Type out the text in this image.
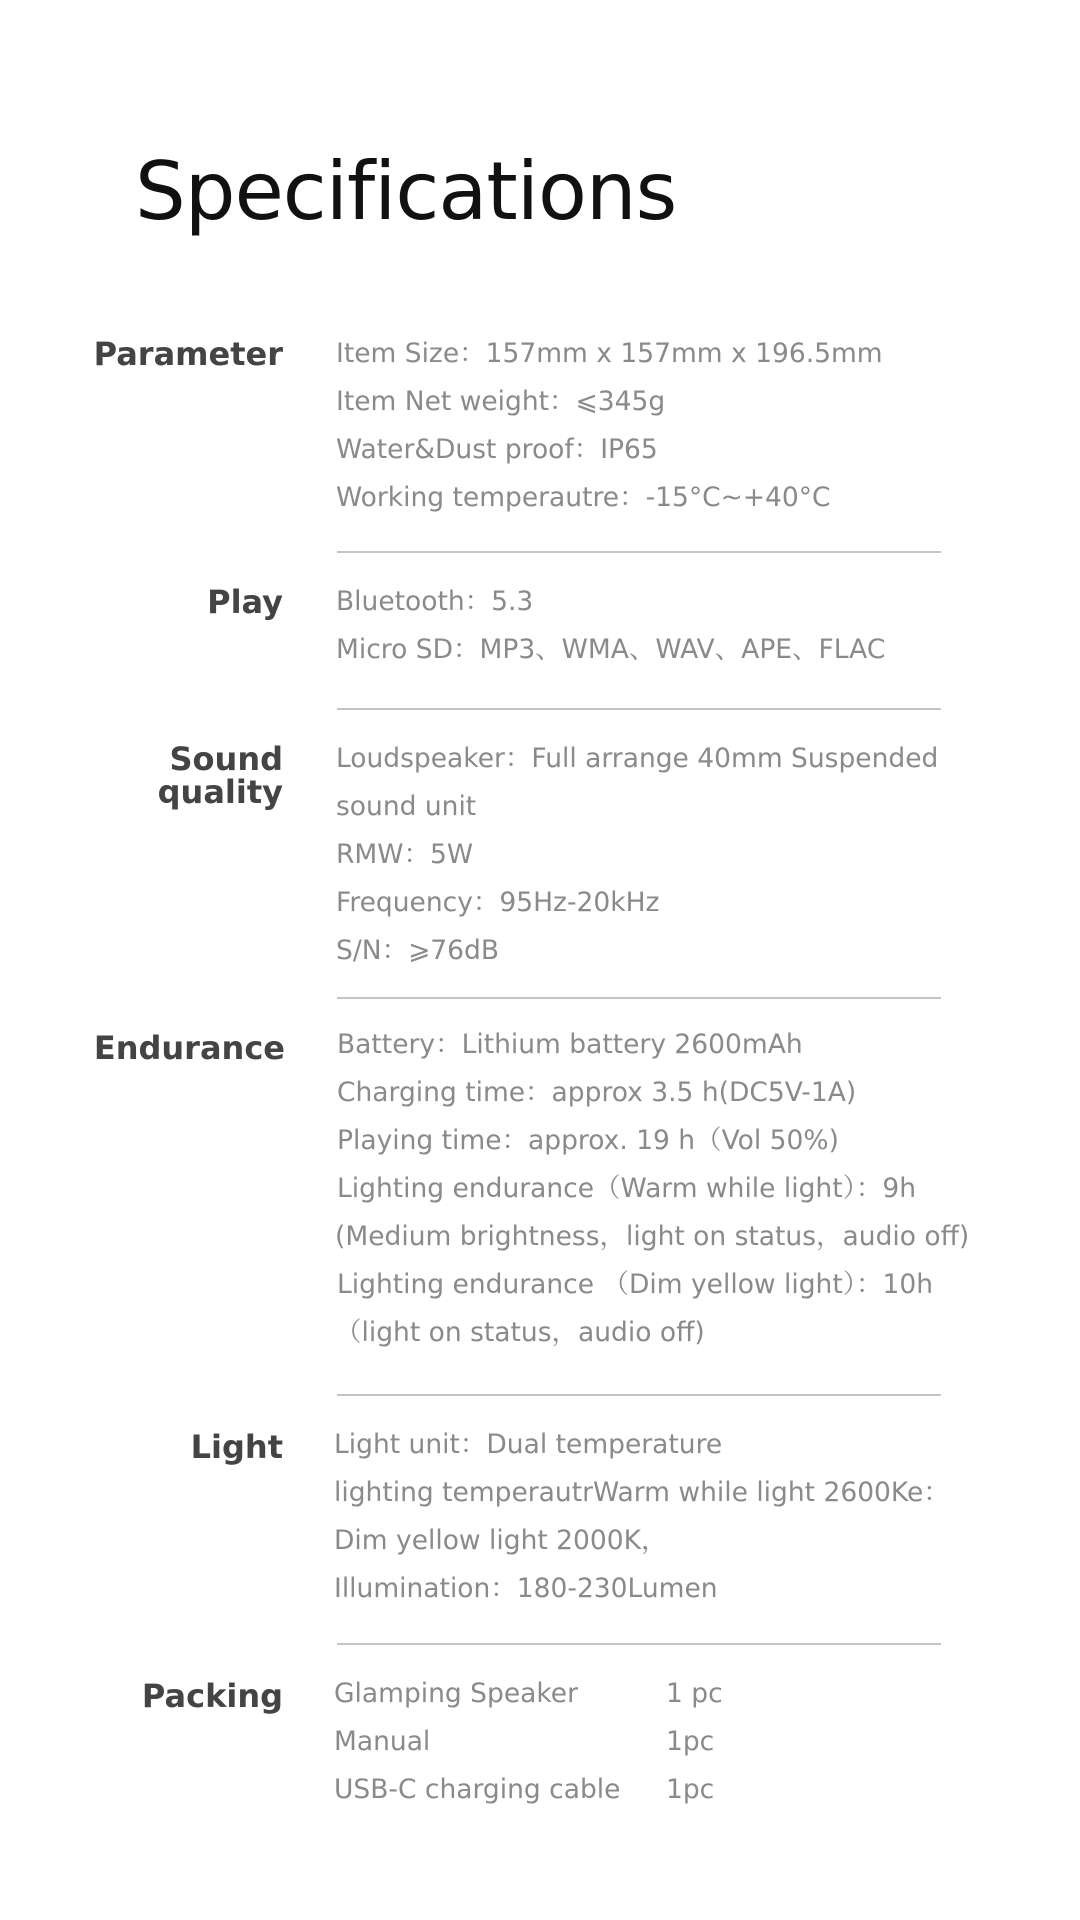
Specifications
Parameter Item Size：157mm x 157mm x 196.5mm
Item Net weight：⩽345g
Water&Dust proof：IP65
Working temperautre：-15°C~+40°C
Play Bluetooth：5.3
Micro SD：MP3、WMA、WAV、APE、FLAC
Sound
quality
Loudspeaker：Full arrange 40mm Suspended
sound unit
RMW：5W
Frequency：95Hz-20kHz
S/N：⩾76dB
Endurance Battery：Lithium battery 2600mAh
Charging time：approx 3.5 h(DC5V-1A)
Playing time：approx. 19 h（Vol 50%)
Lighting endurance（Warm while light）：9h
(Medium brightness，light on status，audio off)
Lighting endurance （Dim yellow light）：10h
（light on status，audio off)
Light Light unit：Dual temperature
lighting temperautrWarm while light 2600Ke：
Dim yellow light 2000K，
Illumination：180-230Lumen
Packing Glamping Speaker	1 pc
Manual	1pc
USB-C charging cable 1pc
